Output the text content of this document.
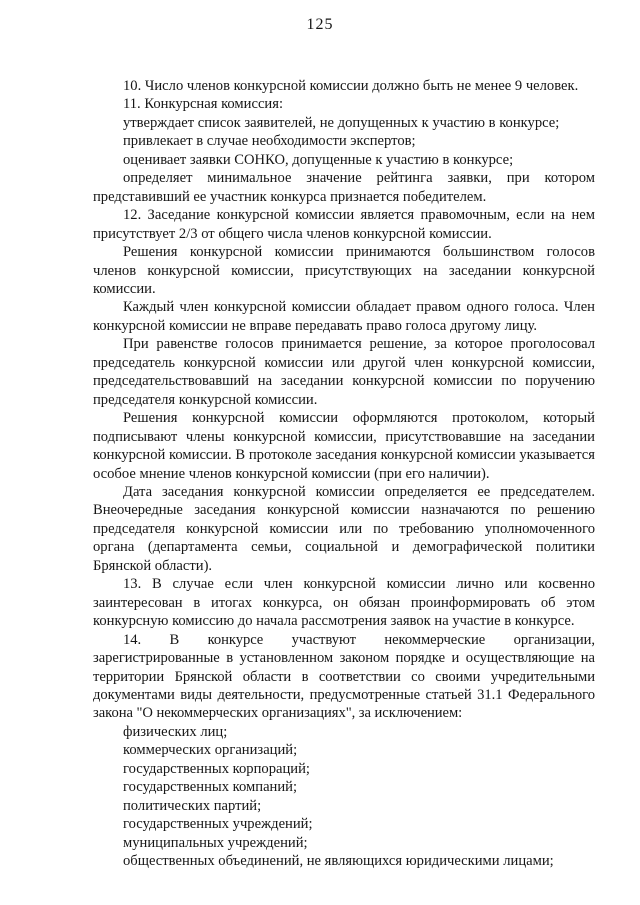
125

10. Число членов конкурсной комиссии должно быть не менее 9 человек.

11. Конкурсная комиссия:

утверждает список заявителей, не допущенных к участию в конкурсе;

привлекает в случае необходимости экспертов;

оценивает заявки СОНКО, допущенные к участию в конкурсе;

определяет минимальное значение рейтинга заявки, при котором представивший ее участник конкурса признается победителем.

12. Заседание конкурсной комиссии является правомочным, если на нем присутствует 2/3 от общего числа членов конкурсной комиссии.

Решения конкурсной комиссии принимаются большинством голосов членов конкурсной комиссии, присутствующих на заседании конкурсной комиссии.

Каждый член конкурсной комиссии обладает правом одного голоса. Член конкурсной комиссии не вправе передавать право голоса другому лицу.

При равенстве голосов принимается решение, за которое проголосовал председатель конкурсной комиссии или другой член конкурсной комиссии, председательствовавший на заседании конкурсной комиссии по поручению председателя конкурсной комиссии.

Решения конкурсной комиссии оформляются протоколом, который подписывают члены конкурсной комиссии, присутствовавшие на заседании конкурсной комиссии. В протоколе заседания конкурсной комиссии указывается особое мнение членов конкурсной комиссии (при его наличии).

Дата заседания конкурсной комиссии определяется ее председателем. Внеочередные заседания конкурсной комиссии назначаются по решению председателя конкурсной комиссии или по требованию уполномоченного органа (департамента семьи, социальной и демографической политики Брянской области).

13. В случае если член конкурсной комиссии лично или косвенно заинтересован в итогах конкурса, он обязан проинформировать об этом конкурсную комиссию до начала рассмотрения заявок на участие в конкурсе.

14. В конкурсе участвуют некоммерческие организации, зарегистрированные в установленном законом порядке и осуществляющие на территории Брянской области в соответствии со своими учредительными документами виды деятельности, предусмотренные статьей 31.1 Федерального закона "О некоммерческих организациях", за исключением:

физических лиц;

коммерческих организаций;

государственных корпораций;

государственных компаний;

политических партий;

государственных учреждений;

муниципальных учреждений;

общественных объединений, не являющихся юридическими лицами;
